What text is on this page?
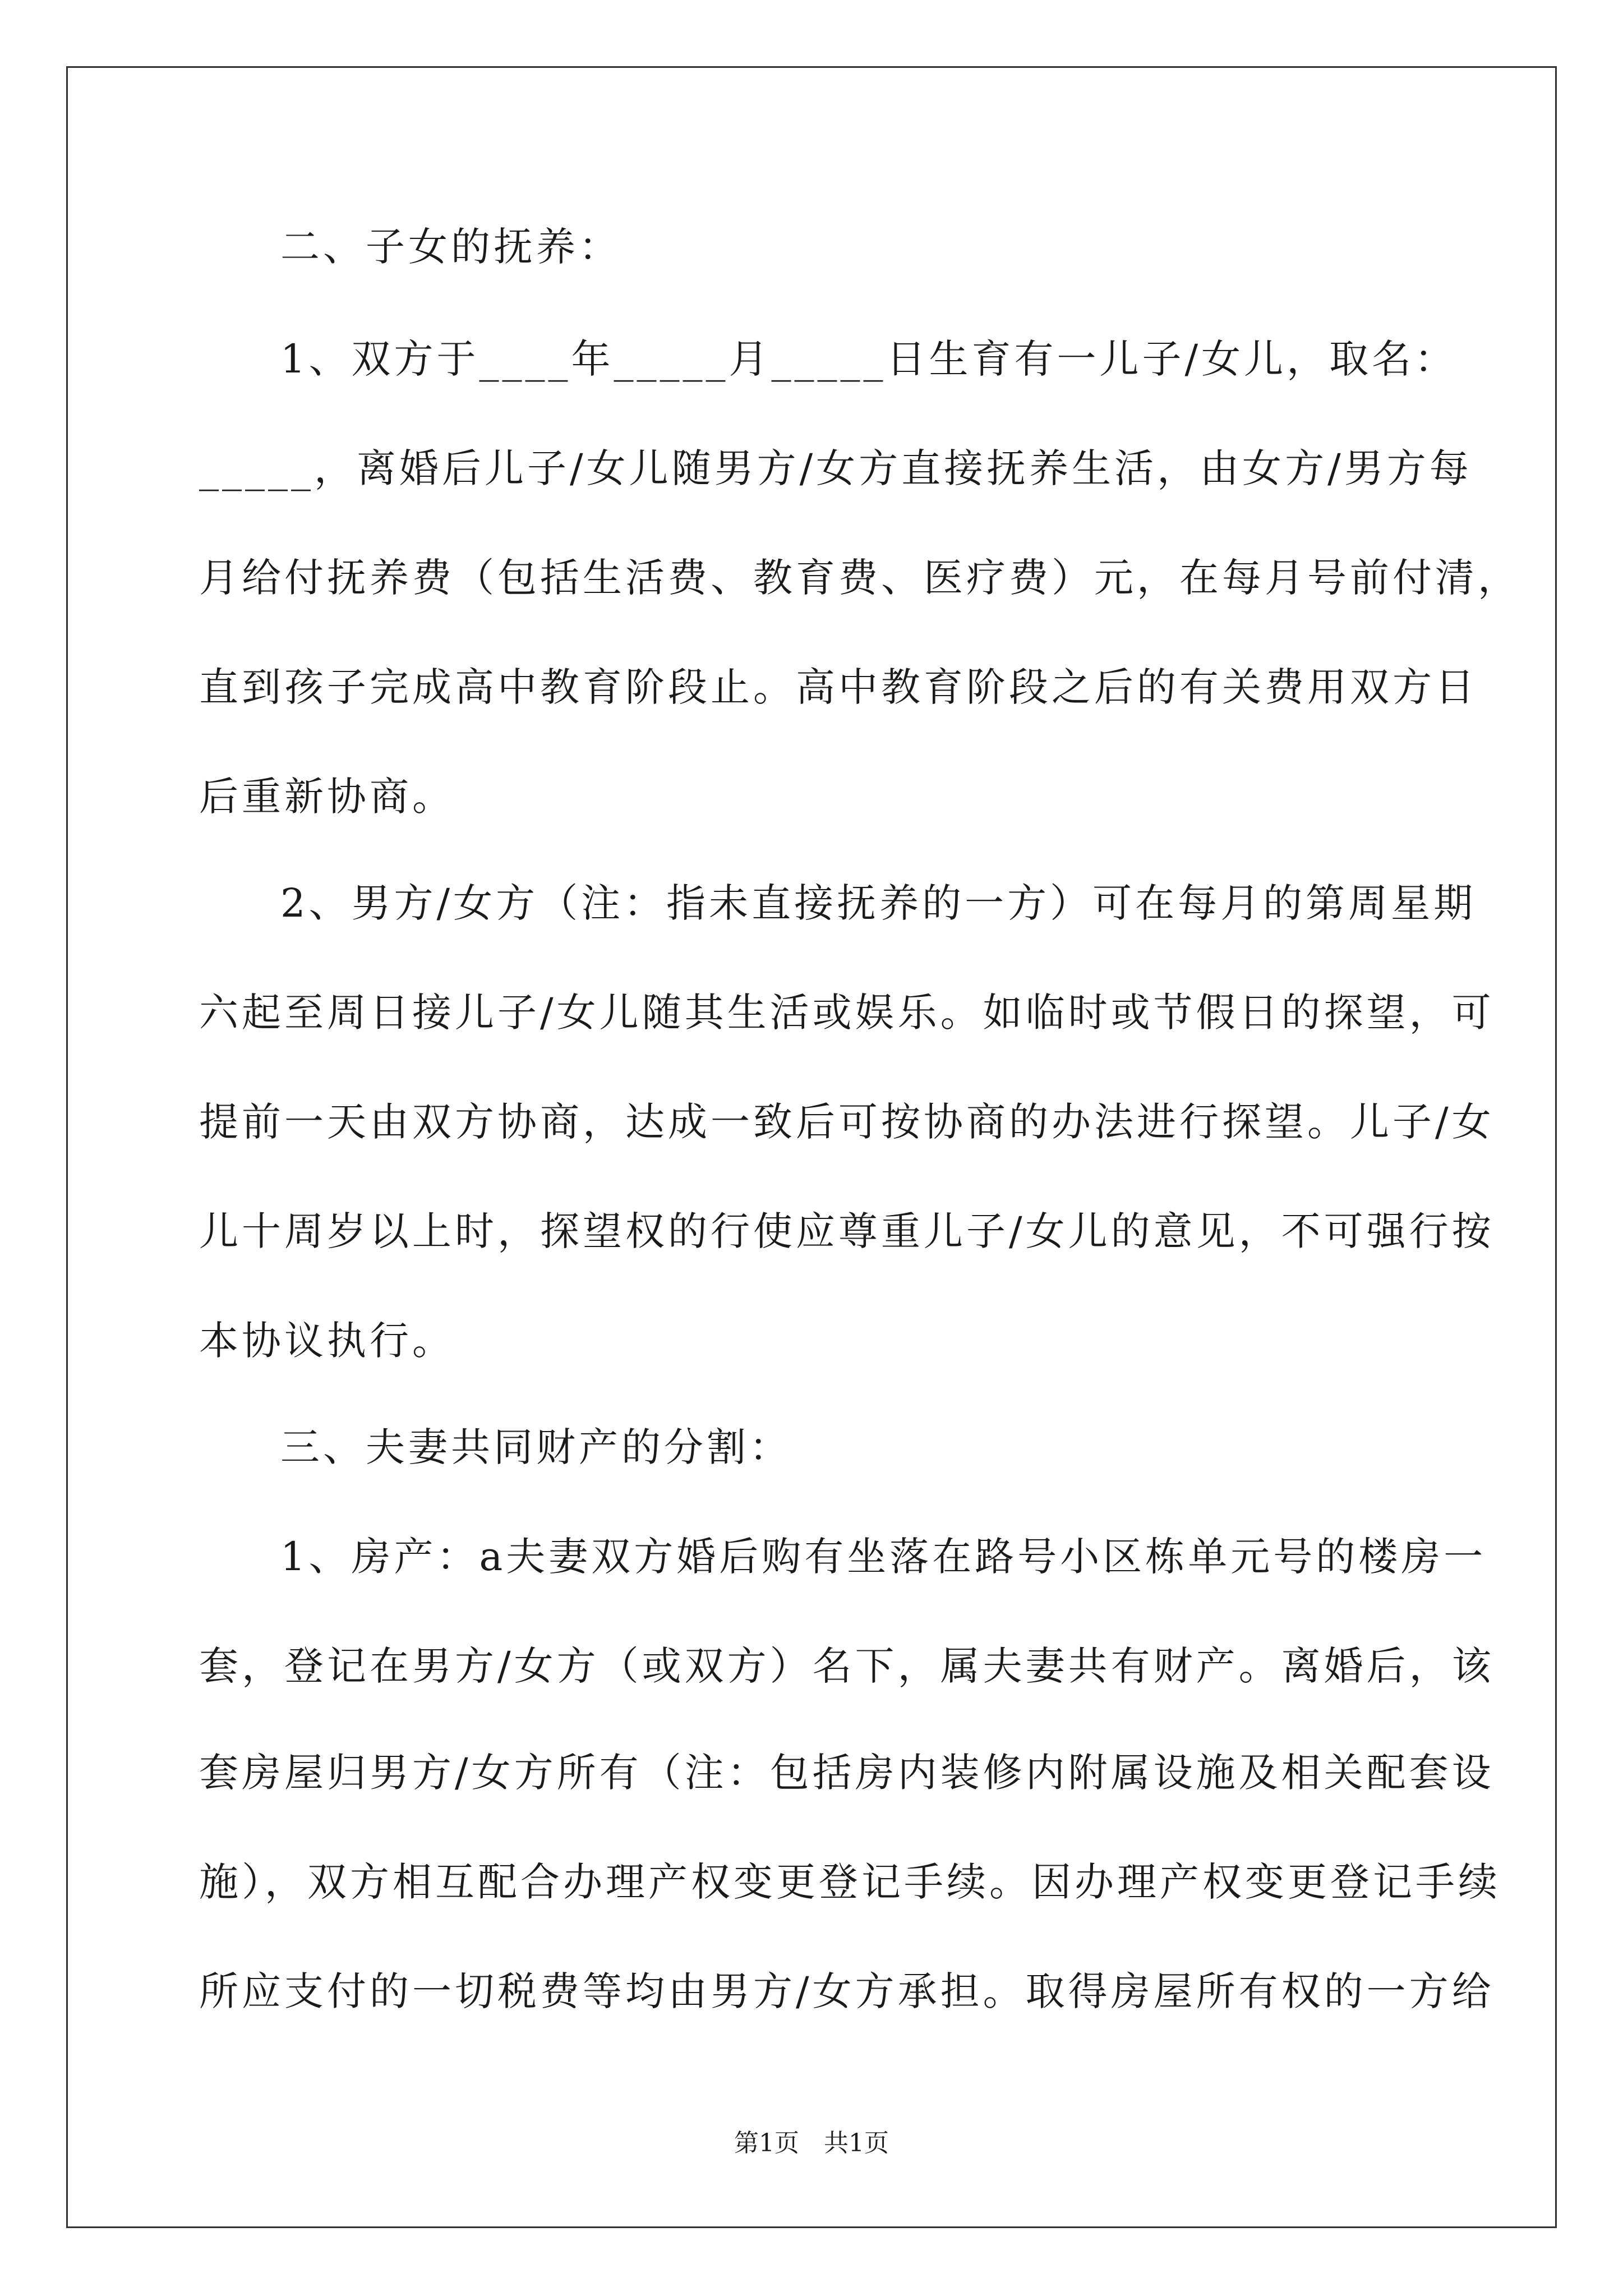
二、子女的抚养：
1、双方于____年_____月_____日生育有一儿子/女儿，取名：
_____，离婚后儿子/女儿随男方/女方直接抚养生活，由女方/男方每
月给付抚养费（包括生活费、教育费、医疗费）元，在每月号前付清，
直到孩子完成高中教育阶段止。高中教育阶段之后的有关费用双方日
后重新协商。
2、男方/女方（注：指未直接抚养的一方）可在每月的第周星期
六起至周日接儿子/女儿随其生活或娱乐。如临时或节假日的探望，可
提前一天由双方协商，达成一致后可按协商的办法进行探望。儿子/女
儿十周岁以上时，探望权的行使应尊重儿子/女儿的意见，不可强行按
本协议执行。
三、夫妻共同财产的分割：
1、房产：a夫妻双方婚后购有坐落在路号小区栋单元号的楼房一
套，登记在男方/女方（或双方）名下，属夫妻共有财产。离婚后，该
套房屋归男方/女方所有（注：包括房内装修内附属设施及相关配套设
施），双方相互配合办理产权变更登记手续。因办理产权变更登记手续
所应支付的一切税费等均由男方/女方承担。取得房屋所有权的一方给
第1页　共1页
